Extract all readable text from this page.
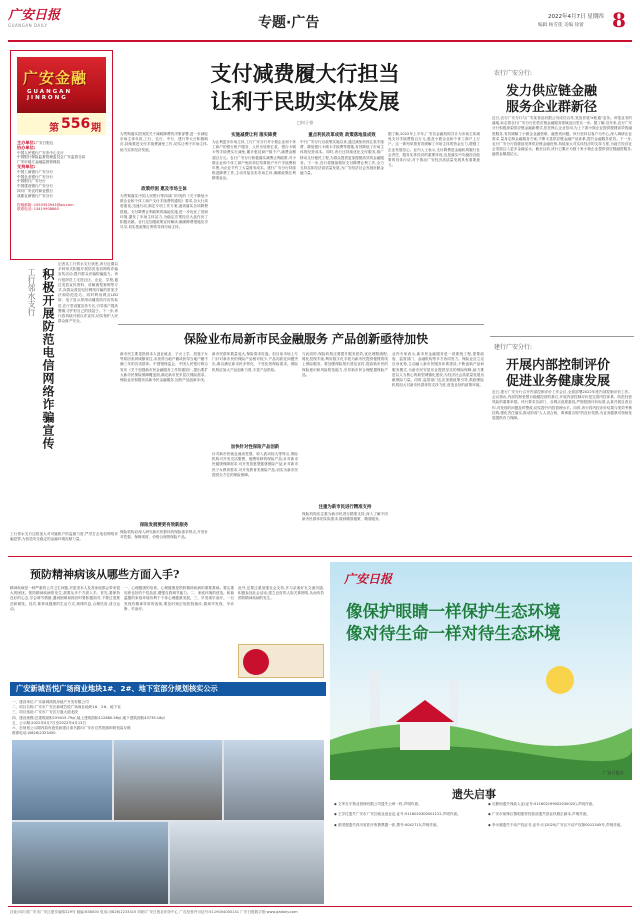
广安日报
GUANGAN DAILY	专题·广告	2022年4月7日 星期四
编辑 杨雪莲 美编 徐蕾 8
广安金融
GUANGAN JINRONG
第 556 期
主办单位:广安日报社
协办单位:
中国人民银行广安市中心支行
中国银行保险监督管理委员会广安监管分局
广安市地方金融监督管理局
支持单位:
中国工商银行广安分行
中国农业银行广安分行
中国银行广安分行
中国建设银行广安分行
四川广安农村商业银行
成都农商银行广安分行
投稿邮箱: 1050353943@qq.com
联系电话: 13419908860
积极开展防范电信网络诈骗宣传
工行邻水支行
记者从工行邻水支行获悉,该行近期以多种形式积极开展防范电信网络诈骗宣传活动,提升群众识骗防骗能力。该行组织员工走进社区、企业、学校,通过发放宣传资料、讲解典型案例等方式,向群众普及电信网络诈骗的常见手法和防范技巧。同时利用网点LED屏、电子显示屏滚动播放防诈宣传标语,在厅堂设置宣传专区,引导客户提高警惕,守护好自己的钱袋子。下一步,该行将持续开展反诈宣传,切实保护人民群众财产安全。
工行邻水支行还将加大对可疑账户的监测力度,严厉打击电信网络诈骗犯罪,为营造安全稳定的金融环境贡献力量。
支付减费履大行担当
让利于民助实体发展
□何子豪
为贯彻落实国务院关于减税降费的决策部署,进一步减轻市场主体负担,工行、农行、中行、建行等大行积极响应,持续推进支付手续费减免工作,切实让利于市场主体,助力实体经济发展。
政策纾困 惠及市场主体
为贯彻落实中国人民银行等四部门印发的《关于降低小微企业和个体工商户支付手续费的通知》要求,各大行高度重视,迅速行动,制定专项工作方案,逐项落实各项降费措施。支付降费让利政策的落地实施,进一步优化了营商环境,激发了市场主体活力,为稳定宏观经济大盘作出了积极贡献。各行还加强政策宣传解读,确保降费措施应享尽享,切实把政策红利传导到市场主体。
实施减费让利 落实降费
为让利更多市场主体,工行广安分行对小微企业和个体工商户的银行账户服务、人民币转账汇款、银行卡刷卡等手续费实行减免,累计惠及商户数千户,减费金额超百万元。农行广安分行积极落实减费让利政策,对小微企业和个体工商户免收单位结算账户开户手续费和年费,为企业节约了大量财务成本。建行广安分行持续推进降费工作,主动对接各类市场主体,确保政策红利精准直达。
重点利民改革成效 政策落地显成效
中行广安分行自政策实施以来,通过减免转账汇款手续费、降低银行卡刷卡手续费等措施,有效降低了市场主体的经营成本。同时,该行还持续优化支付服务,推广移动支付便民工程,为群众提供更加便捷高效的金融服务。下一步,各行将继续做好支付降费让利工作,全力支持实体经济高质量发展,为广安经济社会发展贡献金融力量。
据了解,2022年上半年,广安各金融机构共计为市场主体减免支付手续费数百万元,惠及小微企业和个体工商户上万户。这一系列举措有效缓解了市场主体的资金压力,增强了企业发展信心。业内人士表示,支付降费是金融机构履行社会责任、服务实体经济的重要体现,也是落实中央稳经济政策的具体行动,对于推动广安经济高质量发展具有重要意义。
保险业布局新市民金融服务 产品创新亟待加快
新市民主要是指因本人创业就业、子女上学、投靠子女等原因来到城镇常住,未获得当地户籍或获得当地户籍不满三年的各类群体。中国银保监会、中国人民银行联合发布《关于加强新市民金融服务工作的通知》,提出要扩大新市民保险保障覆盖面,满足新市民多层次保险需求。保险业应积极布局新市民金融服务,加快产品创新步伐。
保险发展要更有效新服务
保险机构应深入研究新市民群体的保险需求特点,开发针对性强、保障适度、价格合理的保险产品。
新市民群体数量庞大,保险需求旺盛。但目前市场上专门针对新市民的保险产品相对较少,产品同质化问题突出,难以满足新市民多样化、个性化的保险需求。保险机构应加大产品创新力度,丰富产品供给。
加快针对性保险产品创新
针对新市民就业流动性强、收入波动较大等特点,保险机构可开发灵活缴费、便携转移的保险产品;针对新市民健康保障需求,可开发普惠型健康保险产品;针对新市民子女教育需求,可开发教育类保险产品,切实为新市民提供全方位的保险保障。
与此同时,保险机构还要提升服务质效,优化理赔流程,简化投保手续,利用数字化手段为新市民提供便捷的线上保险服务。要加强保险知识普及宣传,提高新市民的保险意识和风险防范能力,引导新市民合理配置保险产品。
注重为新市民进行精准支持
保险机构应注重为新市民进行精准支持,深入了解不同新市民群体的实际需求,做到精准施策、精准服务。
业内专家表示,新市民金融服务是一项系统工程,需要政府、监管部门、金融机构等多方协同发力。保险业应立足自身优势,主动融入新市民服务体系建设,不断创新产品和服务模式,为新市民安居乐业提供坚实的保险保障,助力推进以人为核心的新型城镇化建设,为经济社会高质量发展贡献保险力量。同时,监管部门也应加强政策引导,鼓励保险机构加大对新市民群体的支持力度,营造良好的政策环境。
农行广安分行:
发力供应链金融
服务企业群新径
近日,农行广安分行与广安某食品有限公司成功合作,发放首笔"e账通"业务。该笔业务的落地,标志着农行广安分行在供应链金融服务领域迈出坚实一步。据了解,近年来,农行广安分行积极探索供应链金融新模式,依托核心企业信用,为上下游小微企业提供便捷高效的融资服务,有效缓解了小微企业融资难、融资贵问题。该行坚持以客户为中心,深入调研企业需求,量身定制金融服务方案,不断丰富供应链金融产品体系,提升金融服务质效。下一步,农行广安分行将继续发挥供应链金融优势,持续加大对实体经济的支持力度,为地方经济社会发展注入更多金融活水。截至目前,该行已累计为数十家小微企业提供供应链融资服务,融资金额超亿元。
建行广安分行:
开展内部控制评价
促进业务健康发展
近日,建行广安分行召开内部控制评价工作会议,全面部署2022年度内部控制评价工作。会议指出,内部控制是银行稳健经营的基石,开展内部控制评价是完善内控体系、防范经营风险的重要举措。该行要求各部门、各网点高度重视,严格按照评价标准,认真开展自查自纠,对发现的问题及时整改,切实提升内控管理水平。同时,该行将内控评价结果与绩效考核挂钩,强化责任落实,推动形成"人人讲合规、事事重合规"的良好氛围,为业务健康可持续发展提供有力保障。
预防精神病该从哪些方面入手?
精神疾病是一种严重的公共卫生问题,对患者本人及其家庭都会带来很大的困扰。预防精神疾病的发生,需要从多个方面入手。首先,要保持良好的心态,学会调节情绪,遇到困难和挫折时要积极面对,不要过度焦虑和紧张。其次,要养成健康的生活方式,规律作息,合理饮食,适当运动。
一、心理健康的培养。心理健康是预防精神疾病的重要基础。要注重培养良好的个性品质,增强自我调节能力。二、家庭环境的营造。和谐温馨的家庭环境有利于个体心理健康发展。三、早发现早治疗。一旦发现有精神异常的表现,要及时到正规医院就诊,做到早发现、早诊断、早治疗。
此外,还要注重加强社会支持,多与亲朋好友交流沟通,积极参加社会活动,建立良好的人际关系网络,从而有效预防精神疾病的发生。
广安新城吾悦广场商业地块1#、2#、地下室部分规划核实公示
一、建设单位:广安新城鸿悦房地产开发有限公司
二、项目名称:广安市广安区新城吾悦广场商业地块1#、2#、地下室
三、项目选址:广安市广安区万盛大道北段
四、建设规模:总建筑面积159415.79㎡,地上建筑面积112680.58㎡,地下建筑面积43739.18㎡
五、公示期:2022年4月7日至2022年4月13日
六、在规划公示期内如有意见和建议请书面向广安市自然资源和规划局反映
联系电话:(0826)2323450
广安日报
像保护眼睛一样保护生态环境
像对待生命一样对待生态环境
广安日报社
遗失启事
◆ 文华在宇物业管理有限公司遗失公章一枚,声明作废。
◆ 王学红遗失广安市广安区就业创业证,证号:5116020300001122,声明作废。
◆ 张国强遗失四川省医疗收费票据一张,票号:0042715,声明作废。
◆ 石静怡遗失残疾人证(证号:51160219900203002X),声明作废。
◆ 广安市前锋区黎明建材经营部遗失营业执照正副本,声明作废。
◆ 李永刚遗失不动产权证书,证号:川(2020)广安区不动产权第0012345号,声明作废。
社址:四川省广安市广安区建安南路229号 邮编:638000 电话:(0826)2233415 印刷:广安日报社印务中心 广告经营许可证号:5119004000141 广安日报数字报:www.gadaily.com
